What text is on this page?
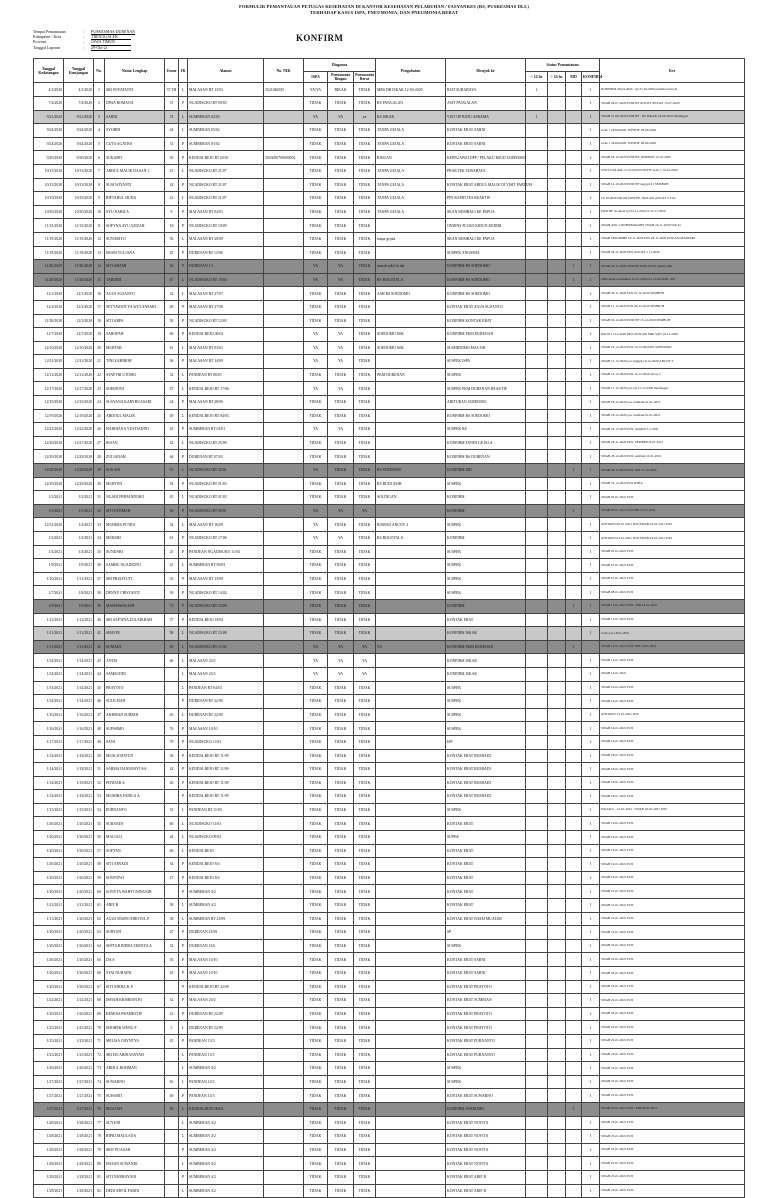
FORMULIR PEMANTAUAN PETUGAS KESEHATAN DI KANTOR KESEHATAN PELABUHAN / FASYANKES (RS, PUSKESMAS DLL)
TERHADAP KASUS ISPA, PNEUMONIA, DAN PNEUMONIA BERAT
Tempat Pemantauan	:	PUSKESMAS DURENAN
Kabupaten / Kota	:	TRENGGALEK
Provinsi	:	JAWA TIMUR
Tanggal Laporan	:	29-Okt-21
KONFIRM
Tanggal Kedatangan	Tanggal Kunjungan	No.	Nama Lengkap	Umur	JK	Alamat	No. NIK	Diagnosa			Pengobatan	Dirujuk ke	Status Pemantauan				Ket
								ISPA	Pneumonia Ringan	Pneumonia Berat			< 14 hr	> 14 hr	MD	KONFIRM	
4/1/2020	4/1/2020	1	SRI WIYATANTI	37 TH	L	MALASAN RT 13/03	3521046505	YA/YA	BIKAK	TIDAK	MRS DR ISKAK 12-04-2020	RSIT SURABAYA	1			1	KONFIRM 26-04-2020 / tgl 27-04-2020 pindah isolasi di
7/4/2020	7/4/2020	2	DIWA ROMANA	51	P	NGADISUKO RT 09/03		TIDAK	TIDAK	TIDAK	RS PANGALAN	ASIT PANGALAN				1	SWAB 20-07-2020 POSITIF ANCOY SEXAN 15-07-2020
9/21/2020	9/21/2020	3	SARNI	74	L	SUMBERAN 02/03		YA	YA	ya	RS ISKAK	VIST OP BATU ASRAMA	1			1	SWAB 21-09-2020 POSITIF - RS ISKAK 24-09-2020 meninggal
9/24/2020	9/24/2020	4	SYOBIH	44	L	SUMBERAN 05/02		TIDAK	TIDAK	TIDAK	TANPA GEJALA	KONTAK ERAT SARNI				1	swab 1 24/09/2020, POSITIF 28-09-2020
9/24/2020	9/24/2020	5	GUTA AGATHA	31	P	SUMBERAN 05/02		TIDAK	TIDAK	TIDAK	TANPA GEJALA	KONTAK ERAT SARNI				1	swab 1 24/09/2020, POSITIF 28-09-2020
9/30/2020	9/30/2020	6	SUKARTI	50	P	KENDALREJO RT 02/01	3503050708600002	TIDAK	TIDAK	TIDAK	RINGAN	KEPEGAWAI DPP / PELAKU RSUD SOEDOMO				1	SWAB 02-10-2020 POSITIF, SEMBUH 14-10-2020
10/13/2020	10/13/2020	7	ABDUL MALIK DASAN 1	23	L	NGADISUKO RT 21/07		TIDAK	TIDAK	TIDAK	TANPA GEJALA	PRAKTEK SURABAYA				1	VISIT DALAM 13-10-2020 POSITIF swab 1 19-10-2020
10/13/2020	10/13/2020	8	SUSI WIYANTI	24	P	NGADISUKO RT 21/07		TIDAK	TIDAK	TIDAK	TANPA GEJALA	KONTAK ERAT ABDUL MALIK DI VISIT PARTUM				1	SWAB 14-10-2020 POSITIF tanggal 21 SEMBUH
10/19/2020	10/19/2020	9	RIFTAHUL HUDA	23	L	NGADISUKO RT 21/07		TIDAK	TIDAK	TIDAK	TANPA GEJALA	PPS RAPID TES REAKTIF				1	19-10-2020 ISKAK POSITIF, ISOLASI ANCOY 2 TGL
10/30/2020	10/30/2020	10	SYU NABILA	9	P	MALASAN RT 04/01		TIDAK	TIDAK	TIDAK	TANPA GEJALA	SKAN KEMBALI KE PAPUA				1	POSITIF ncontent tgl 03-11-2020 sd 12-11-2020
11/13/2020	11/13/2020	11	SOFYNA AYU AZIZAH	18	P	NGADISUKO RT 19/09		TIDAK	TIDAK	TIDAK		ONDINS PLOSO KIDUN KEDIRI				1	SWAB ANC CONFIRMATORY SWAB 16-11-2020 SS9-25
11/19/2020	11/19/2020	12	SUNARIYO	56	L	MALASAN RT 20/09		TIDAK	TIDAK	TIDAK	tanpa gejala	SKAN KEMBALI KE PAPUA				1	SWAB PKKOMBE 16-11-2020 POS 26-11-2020 ISOLASI MANDIRI
11/19/2020	11/19/2020	13	IMAM YULIANA	25	P	DURENAN RT 13/06		TIDAK	TIDAK	TIDAK		SUSPEK ANOSMIA				1	SWAB 26-11-2020 POS ANCOY 2 11-2020
11/20/2020	11/20/2020	14	SITI ARAMI	52	P	DURENAN 1/1		YA	YA	TIDAK	rumah sakit lu dia	KONFIRM RS SOEDOMO			1	1	SWAB 23-11-2020 POSITIF ISOLASI di rumah sakit
11/20/2020	11/20/2020	15	TARDIDI	67	L	NGADISUKO RT 10/03		YA	YA	TIDAK	RS BOGOTALA	KONFIRM RS SOEDOMO			1	1	2020 sejak ra masikan 10-12-2020 pos 11-09-2020 / PD
12/1/2020	12/1/2020	16	AGUS SUSANTO	32	L	MALASAN RT 27/07		TIDAK	TIDAK	TIDAK	ASH RS SOEDOMO	KONFIRM RS SOEDOMO				1	SWAB 30-11-2020 POS 01-12-2020 SEMBUH
12/2/2020	12/2/2020	17	SETYAWATI YA WULANSARI	28	P	MALASAN RT 27/08		TIDAK	TIDAK	TIDAK		KONTAK ERAT AGUS SUSANTO				1	SWAB 12-12-2020 POS 06-12-2020 SEMBUH
11/30/2020	12/3/2020	18	SITI ARPA	50	P	NGADISUKO RT 12/03		TIDAK	TIDAK	TIDAK		KONFIRM KONTAK ERAT				1	SWAB 02-12-2020 POSITIF 13-12-2020 SEMBUH
12/7/2020	12/7/2020	19	SAROFAH	66	P	KENDALREJO 06/02		YA	YA	TIDAK	SOEDOMO ISM	KONFIRM PKM DURENAN				1	RSUD 17-12-2020 RDJ, ISOLASI MIK SAN 19-12-2020
12/10/2020	12/10/2020	20	MURTAB	61	L	MALASAN RT 03/01		YA	YA	TIDAK	SOEDOMO ISM	SUSHIDOMO MAS OB				1	SWAB 10-12-2020 POS 10-12-2020 RS SOEDOMO
12/11/2020	12/11/2020	21	TINI ZAHIROH	36	P	MALASAN RT 14/09		YA	YA	TIDAK		SUSPEK ISPA				1	SWAB 15-12-2020 pos tanggal 19-12-2020 ANCOY 2
12/12/2020	12/12/2020	22	SYAFTRI UTOMO	32	L	PANDEAN RT 06/01		TIDAK	TIDAK	TIDAK	PKM DURENAN	SUSPEK				1	SWAB 14-12-2020 POS 14-12-2020 ancoy 2
12/17/2020	12/17/2020	23	SOEDIONI	67	L	KENDALREJO RT 17/06		YA	YA	TIDAK		SUSPEK PKM DURENAN REAKTIF				1	SWAB 17-12-2020 pos, tgl 21-12-2020 meninggal
12/19/2020	12/19/2020	24	SUSYANA KARYBUASARI	24	P	MALASAN RT 28/06		TIDAK	TIDAK	TIDAK		ABITURAN SOEDOMO				1	SWAB 18-12-2020 pos. Sembuh 01-01-2021
12/19/2020	12/19/2020	25	ABDOUL MALIK	49	L	KENDALREJO RT 04/03		TIDAK	TIDAK	TIDAK		KONFIRM RS SOEDOMO				1	SWAB 18-12-2020 pos. Sembuh 01-01-2021
12/22/2020	12/22/2020	26	HARDIANA YUSTIADINI	43	P	SUMBERAN RT 02/01		YA	YA	TIDAK		SUSPEK RS				1	SWAB 22-12-2020 POS. Sembuh 5-1-2021
12/26/2020	12/27/2020	27	IKSAN	42	L	NGADISUKO RT 25/09		TIDAK	TIDAK	TIDAK		KONFIRM TANPA GEJALA				1	SWAB 26-11-2020 POS. SEMBUH 8-01-2021
12/29/2020	12/29/2020	28	ZULIANAH	64	P	DURENAN RT 07/03		TIDAK	TIDAK	TIDAK		KONFIRM RS DURENAN				1	SWAB 28-12-2020 POS, sembuh 10-01-2021
12/28/2020	12/28/2020	29	SUKANI	51	L	NGADISUKO RT 02/01		YA	TIDAK	TIDAK	RS SOEDOMO	KONFIRM MD			1	1	SWAB 28-12-2020 POS. MD 31-12-2020
12/29/2020	12/29/2020	30	MURTINI	54	P	NGADISUKO RT 01/03		TIDAK	TIDAK	TIDAK	RS BUDI ASIH	SUSPEK				1	SWAB 31-12-2020 POS RSBA
1/2/2021	1/2/2021	31	NGADI PRIHANDOKO	45	L	NGADISUKO RT 01/03		TIDAK	TIDAK	TIDAK	SOLINGAN	KONFIRM				1	SWAB 02-01-2021 POS
1/3/2021	1/3/2021	32	SITI FATIMAH	56	P	NGADISUKO RT 06/01		YA	YA	YA		KONFIRM			1		SWAB 05-01-2021 POS MD 05-01-2021
12/31/2020	1/4/2021	33	MUHIMA PUTRA	34	L	MALASAN RT 16/09		YA	TIDAK	TIDAK	ROMAN ANCOY 2	SUSPEK				1	ANTIGEN 06-01-2021 POS/SWAB 04-01-2021 POS
1/2/2021	1/2/2021	34	MURSIH	61	P	NGADISUKO RT 17/06		YA	YA	TIDAK	RS BOGOTALA	KONFIRM				1	ANTIGEN 04-01-2021 POS/SWAB 04-01-2021 POS
1/4/2021	1/4/2021	35	SUNDARI	25	P	PANDEAN NGADISUKO 11/04		TIDAK	TIDAK	TIDAK		SUSPEK				1	SWAB 05-01-2021 POS
1/9/2021	1/9/2021	36	SAMBU NGADIONO	41	L	SUMBERAN RT 09/03		TIDAK	TIDAK	TIDAK		SUSPEK				1	SWAB 07-01-2021 POS
1/10/2021	1/11/2021	37	SRI PRIASTUTI	33	P	MALASAN RT 13/09		TIDAK	TIDAK	TIDAK		SUSPEK				1	SWAB 07-01-2021 POS
1/7/2021	1/8/2021	38	DENNY CRISTANTI	30	P	NGADISUKO RT 14/02		TIDAK	TIDAK	TIDAK		SUSPEK				1	SWAB 08-01-2021 POS
1/9/2021	1/9/2021	39	MASHAWALIAH	73	P	NGADISUKO RT 23/08		TIDAK	TIDAK	TIDAK		KONFIRM			1	1	SWAB 11-01-2021 POS / MD 14-01-2021
1/12/2021	1/12/2021	40	SRI SAPTINA ZULAIKHAH	37	P	KENDALREJO 18/03		TIDAK	TIDAK	TIDAK		KONTAK ERAT				1	SWAB 12-01-2021 POS
1/11/2021	1/11/2021	41	SHAVIN	58	L	NGADISUKO RT 23/08		TIDAK	TIDAK	TIDAK		KONFIRM ISKAK				1	swab pos 18-01-2021
1/11/2021	1/11/2021	42	SUMADI	65	L	NGADISUKO RT 11/03		YA	YA	YA	YA	KONFIRM PKM DURENAN			1		SWAB 13-01-2021 POS, MD 14-01-2021
1/14/2021	1/14/2021	43	ANTIS	46	L	MALASAN 23/3		YA	YA	YA		KONFIRM ISKAK				1	SWAB 14-01-2021 POS
1/14/2021	1/14/2021	44	SAMSUDIN		L	MALASAN 23/3		YA	YA	YA		KONFIRM ISKAK				1	SWAB 14-01-2021
1/14/2021	1/14/2021	45	PRAYOTO		L	PANDEAN RT 04/03		TIDAK	TIDAK	TIDAK		SUSPEK				1	SWAB 16-01-2021 POS
1/14/2021	1/14/2021	46	SULICHAH		P	DURENAN RT 22/09		TIDAK	TIDAK	TIDAK		SUSPEK				1	SWAB 16-01-2021 POS
1/16/2021	1/16/2021	47	AKHMAD SUBKHI	45	L	DURENAN RT 22/09		TIDAK	TIDAK	TIDAK		SUSPEK				1	ANTIGEN 13-01-2021 POS
1/16/2021	1/16/2021	48	SUPARMO	76	P	MALASAN 10/10		TIDAK	TIDAK	TIDAK		SUSPEK				1	SWAB 16-01-2021 POS
1/17/2021	1/17/2021	49	SANI	78	P	NGADISUKO 11/03		TIDAK	TIDAK	TIDAK		ISP				1	SWAB 16-01-2021 POS
1/14/2021	1/18/2021	50	MUSLICHATUN	39	P	KENDALREJO RT 11/09		TIDAK	TIDAK	TIDAK		KONTAK ERAT BUMIADI				1	SWAB 18-01-2021 POS
1/14/2021	1/18/2021	51	SARMA DANURAYUSA	24	P	KENDALREJO RT 11/09		TIDAK	TIDAK	TIDAK		KONTAK ERAT BUMIADI				1	SWAB 18-01-2021 POS
1/14/2021	1/18/2021	52	FENDAR A	26	P	KENDALREJO RT 11/09		TIDAK	TIDAK	TIDAK		KONTAK ERAT BUMIADI				1	SWAB 18-01-2021 POS
1/14/2021	1/18/2021	53	MUMIRA FADILA A		P	KENDALREJO RT 11/09		TIDAK	TIDAK	TIDAK		KONTAK ERAT BUMIADI				1	SWAB 18-01-2021 POS
1/15/2021	1/15/2021	54	PURNANTO	53	L	PANDEAN RT 11/03		TIDAK	TIDAK	TIDAK		SUSPEK				1	ISKAK/S - 12-01-2021 / SWAB 19-01-2021 POS
1/20/2021	1/20/2021	55	SURANDI	60	L	NGADISUKO 11/03		TIDAK	TIDAK	TIDAK		KONTAK ERAT				1	SWAB 19-01-2021 POS
1/20/2021	1/20/2021	56	MALIALI	44	L	NGADISUKO 09/03		TIDAK	TIDAK	TIDAK		SUPEK				1	SWAB 19-01-2021 POS
1/20/2021	1/20/2021	57	SOFYAN	40	L	KENDALREJO		TIDAK	TIDAK	TIDAK		KONTAK ERAT				1	SWAB 19-01-2021 POS
1/20/2021	1/20/2021	58	SITI ARYADI	34	P	KENDALREJO 8/4		TIDAK	TIDAK	TIDAK		KONTAK ERAT				1	SWAB 19-01-2021 POS
1/20/2021	1/20/2021	59	SONYDWI	27	P	KENDALREJO 8/4		TIDAK	TIDAK	TIDAK		KONTAK ERAT				1	SWAB 19-01-2021 POS
1/20/2021	1/20/2021	60	SONYTA WAHYUNINGSIH		P	SUMBERAN 4/2		TIDAK	TIDAK	TIDAK		KONTAK ERAT				1	SWAB 21-01-2021 POS
1/21/2021	1/21/2021	61	ARIF B	38	L	SUMBERAN 4/2		TIDAK	TIDAK	TIDAK		KONTAK ERAT				1	SWAB 21-01-2021 POS
1/11/2021	1/20/2021	62	AGUS MARYCHROTUL F	38	L	SUMBERAN RT 25/09		TIDAK	TIDAK	TIDAK		KONTAK ERAT ISIAM MUALIM				1	SWAB 21-01-2021 POS
1/20/2021	1/20/2021	63	SURYATI	47	P	DURENAN 23/09		TIDAK	TIDAK	TIDAK		SP				1	SWAB 21-01-2021 POS
1/20/2021	1/20/2021	64	SEPTA RINDRA YERNYA A	32	P	DURENAN 13/6		TIDAK	TIDAK	TIDAK		SUSPEK				1	SWAB 22-01-2021 POS
1/20/2021	1/20/2021	65	DA.S	35	P	MALASAN 10/10		TIDAK	TIDAK	TIDAK		KONTAK ERAT SARNI				1	SWAB 22-01-2021 POS
1/20/2021	1/20/2021	66	SYAI NURAINI	43	P	MALASAN 10/10		TIDAK	TIDAK	TIDAK		KONTAK ERAT SARNI				1	SWAB 22-01-2021 POS
1/20/2021	1/20/2021	67	SITI ADIBA R. P		P	KENDALREJO RT 22/09		TIDAK	TIDAK	TIDAK		KONTAK ERAT PRAYOTO				1	SWAB 22-01-2021 POS
1/22/2021	1/22/2021	68	ISMAH KRISBIANTO	32	P	MALASAN 23/4		TIDAK	TIDAK	TIDAK		KONTAK ERAT SUMBIAN				1	SWAB 22-01-2021 POS
1/20/2021	1/20/2021	69	KEMISA PRAMESTIP	23	P	DURENAN RT 22/09		TIDAK	TIDAK	TIDAK		KONTAK ERAT PRAYOTO				1	SWAB 22-01-2021 POS
1/25/2021	1/25/2021	70	SHOHEB WENG P	5	L	DURENAN RT 22/09		TIDAK	TIDAK	TIDAK		KONTAK ERAT PRAYOTO				1	SWAB 22-01-2021 POS
1/25/2021	1/25/2021	71	MELISA CHYNTYA	25	P	PANDEAN 13/3		TIDAK	TIDAK	TIDAK		KONTAK ERAT PURNANTO				1	SWAB 22-01-2021 POS
1/25/2021	1/25/2021	72	SRI DO ARDIANSYAH		L	PANDEAN 13/3		TIDAK	TIDAK	TIDAK		KONTAK ERAT PURNANTO				1	SWAB 25-01-2021 POS
1/26/2021	1/26/2021	73	ABDUL ROHMAN		L	SUMBERAN 4/2		TIDAK	TIDAK	TIDAK		SUSPEK				1	SWAB 25-01-2021 POS
1/27/2021	1/27/2021	74	SUWARNO	63	L	PANDEAN 13/3		TIDAK	TIDAK	TIDAK		SUSPEK				1	SWAB 25-01-2021 POS
1/27/2021	1/27/2021	75	SUHARTI	49	P	PANDEAN 13/3		TIDAK	TIDAK	TIDAK		KONTAK ERAT SUWARNO				1	SWAB 25-01-2021 POS
1/27/2021	1/27/2021	76	MUSYAH	36	L	KENDALREJO 06/02		TIDAK	TIDAK	TIDAK		KONFIRM SOEDOMO			1		SWAB 26-01-2021 POS / MD 03-02-2021
1/28/2021	1/28/2021	77	SUYUDI		L	SUMBERAN 4/2		TIDAK	TIDAK	TIDAK		KONTAK ERAT NOVITA				1	SWAB 25-01-2021 POS
1/28/2021	1/28/2021	78	RIPKI MAULANA		L	SUMBERAN 4/2		TIDAK	TIDAK	TIDAK		KONTAK ERAT NOVITA				1	SWAB 25-01-2021 POS
1/28/2021	1/28/2021	79	SRIT PUASAH		P	SUMBERAN 4/2		TIDAK	TIDAK	TIDAK		KONTAK ERAT NOVITA				1	SWAB 25-01-2021 POS
1/28/2021	1/28/2021	80	HASAN SUWANDI		L	SUMBERAN 4/2		TIDAK	TIDAK	TIDAK		KONTAK ERAT NOVITA				1	SWAB 25-01-2021 POS
1/28/2021	1/28/2021	81	SITI NURHAYANI		P	SUMBERAN 4/2		TIDAK	TIDAK	TIDAK		KONTAK ERAT ARIF B				1	SWAB 25-01-2021 POS
1/28/2021	1/28/2021	82	DEDI ARVIL PARDI		L	SUMBERAN 4/2		TIDAK	TIDAK	TIDAK		KONTAK ERAT ARIF B				1	SWAB 25-01-2021 POS
